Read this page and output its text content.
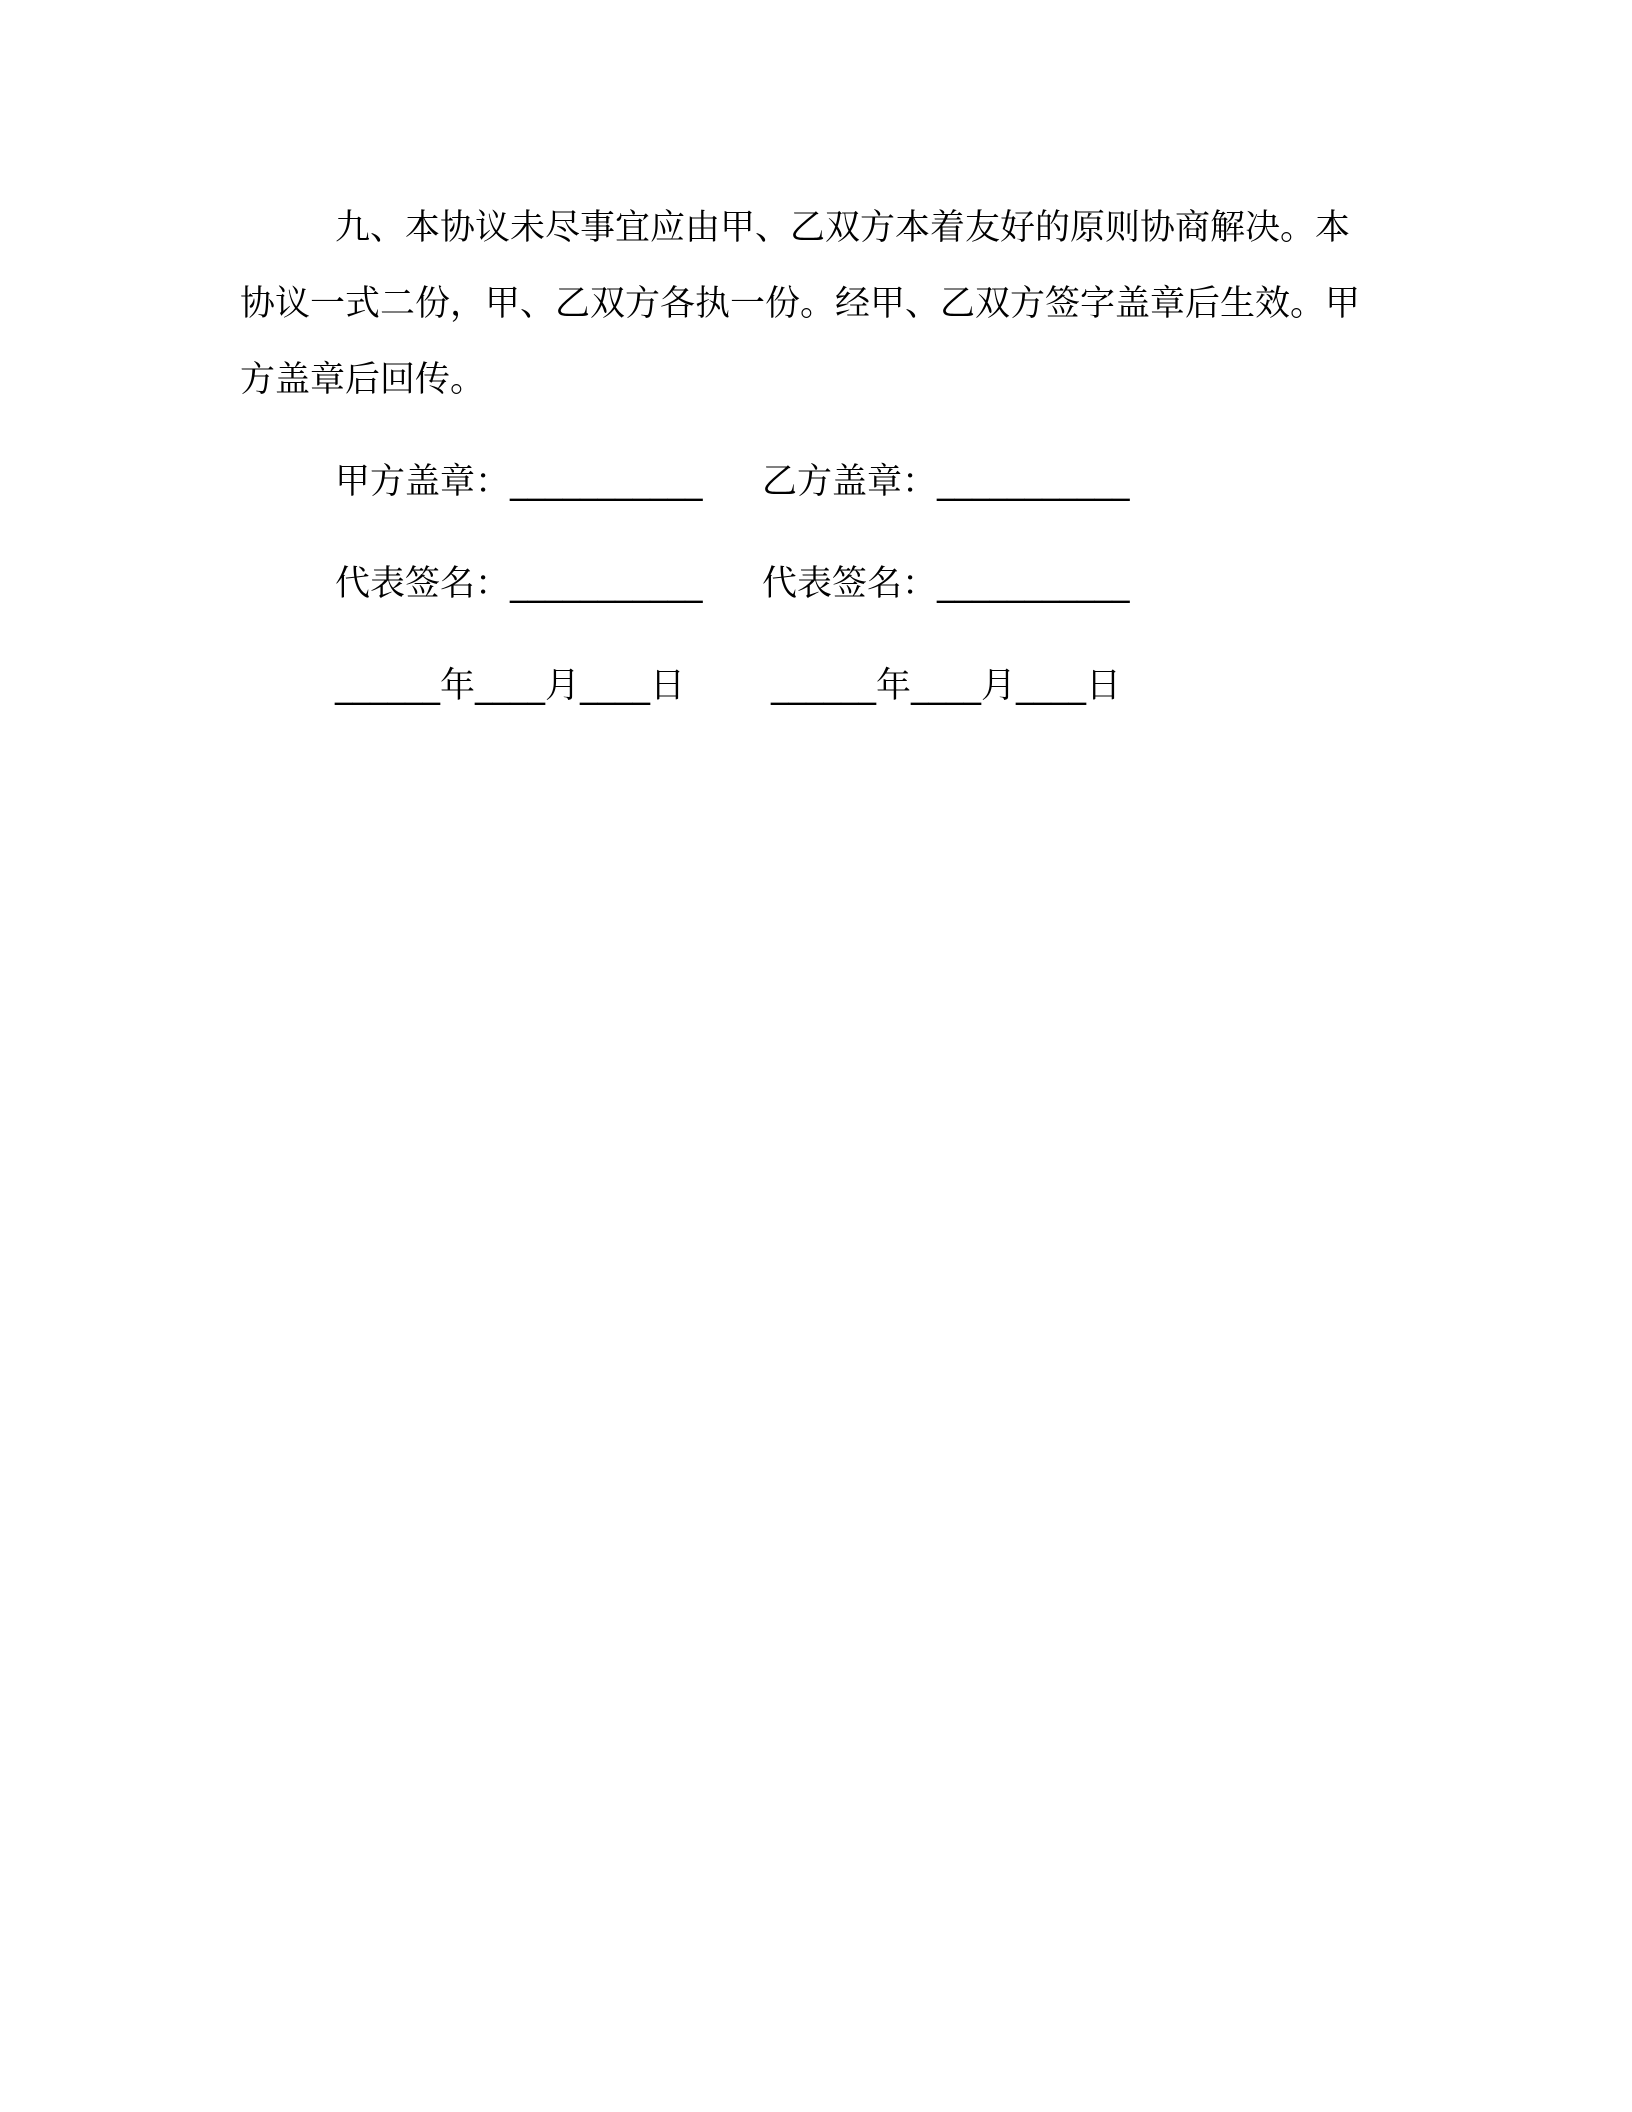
九、本协议未尽事宜应由甲、乙双方本着友好的原则协商解决。本协议一式二份，甲、乙双方各执一份。经甲、乙双方签字盖章后生效。甲方盖章后回传。

甲方盖章：___________	乙方盖章：___________
代表签名：___________	代表签名：___________
______年____月____日	______年____月____日
